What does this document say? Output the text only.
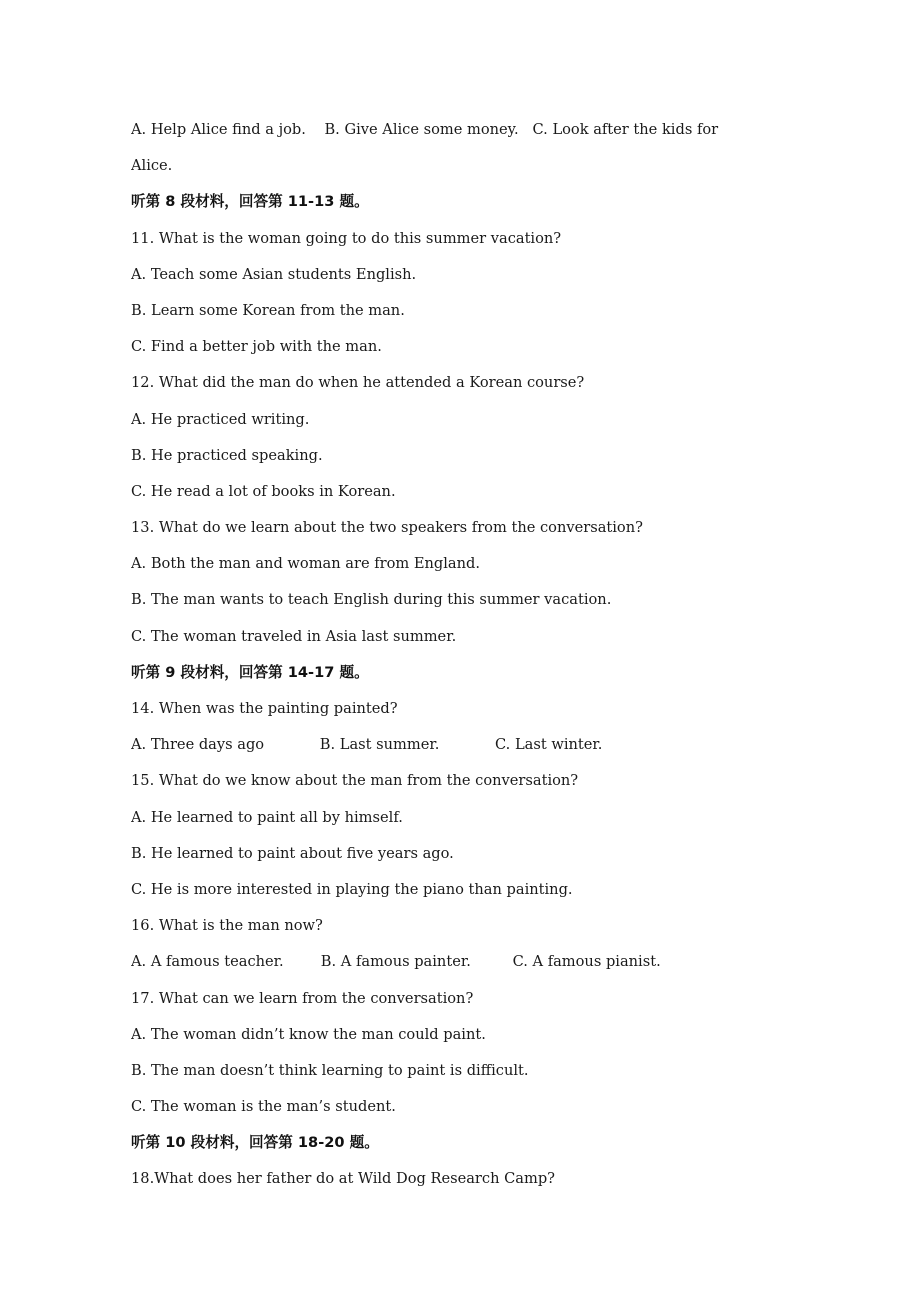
A. Help Alice find a job.    B. Give Alice some money.   C. Look after the kids for
Alice.
听第 8 段材料，回答第 11-13 题。
11. What is the woman going to do this summer vacation?
A. Teach some Asian students English.
B. Learn some Korean from the man.
C. Find a better job with the man.
12. What did the man do when he attended a Korean course?
A. He practiced writing.
B. He practiced speaking.
C. He read a lot of books in Korean.
13. What do we learn about the two speakers from the conversation?
A. Both the man and woman are from England.
B. The man wants to teach English during this summer vacation.
C. The woman traveled in Asia last summer.
听第 9 段材料，回答第 14-17 题。
14. When was the painting painted?
A. Three days ago            B. Last summer.            C. Last winter.
15. What do we know about the man from the conversation?
A. He learned to paint all by himself.
B. He learned to paint about five years ago.
C. He is more interested in playing the piano than painting.
16. What is the man now?
A. A famous teacher.        B. A famous painter.         C. A famous pianist.
17. What can we learn from the conversation?
A. The woman didn’t know the man could paint.
B. The man doesn’t think learning to paint is difficult.
C. The woman is the man’s student.
听第 10 段材料，回答第 18-20 题。
18.What does her father do at Wild Dog Research Camp?
